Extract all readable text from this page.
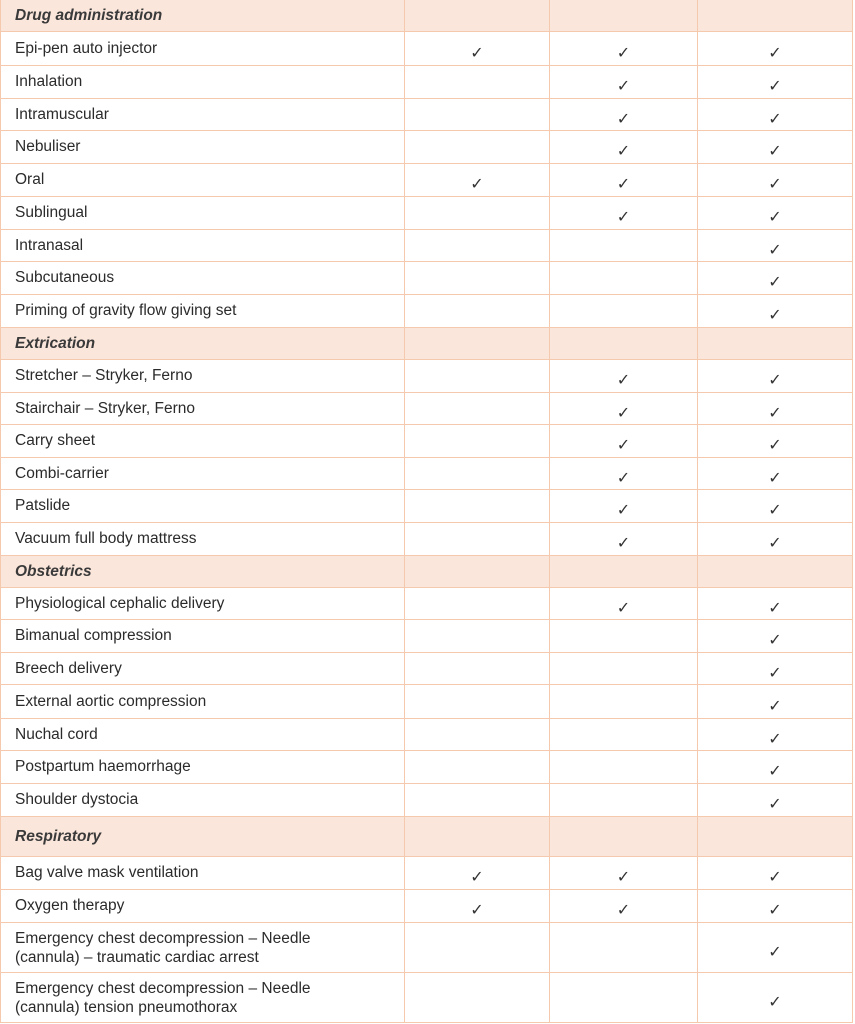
Drug administration			
Epi-pen auto injector	✓	✓	✓
Inhalation		✓	✓
Intramuscular		✓	✓
Nebuliser		✓	✓
Oral	✓	✓	✓
Sublingual		✓	✓
Intranasal			✓
Subcutaneous			✓
Priming of gravity flow giving set			✓
Extrication			
Stretcher – Stryker, Ferno		✓	✓
Stairchair – Stryker, Ferno		✓	✓
Carry sheet		✓	✓
Combi-carrier		✓	✓
Patslide		✓	✓
Vacuum full body mattress		✓	✓
Obstetrics			
Physiological cephalic delivery		✓	✓
Bimanual compression			✓
Breech delivery			✓
External aortic compression			✓
Nuchal cord			✓
Postpartum haemorrhage			✓
Shoulder dystocia			✓
Respiratory			
Bag valve mask ventilation	✓	✓	✓
Oxygen therapy	✓	✓	✓

Emergency chest decompression – Needle
(cannula) – traumatic cardiac arrest			✓

Emergency chest decompression – Needle
(cannula) tension pneumothorax			✓
